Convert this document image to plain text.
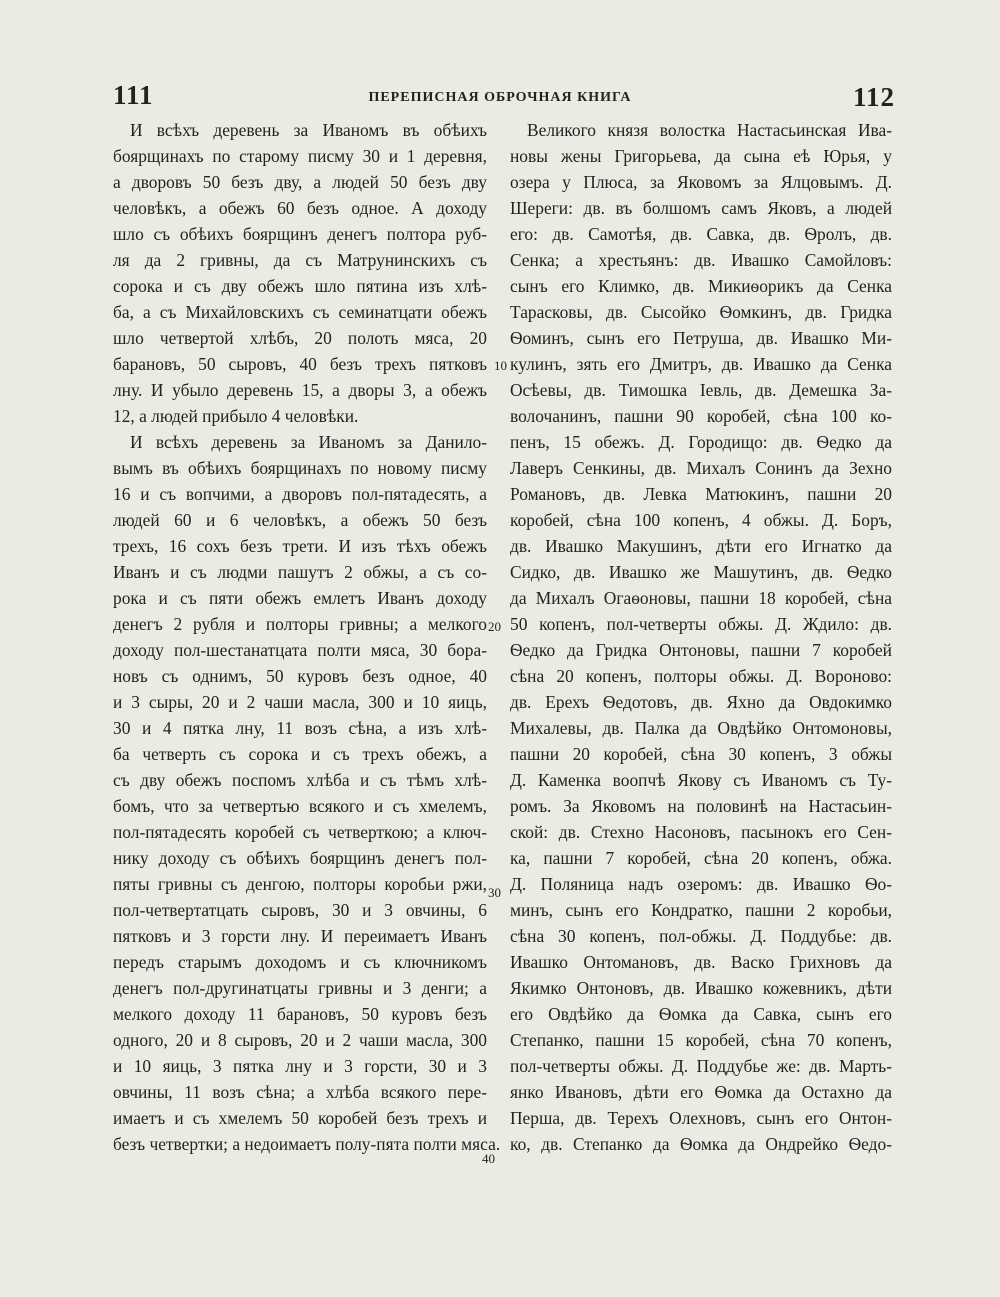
111	ПЕРЕПИСНАЯ ОБРОЧНАЯ КНИГА	112
И всѣхъ деревень за Иваномъ въ обѣихъ
боярщинахъ по старому писму 30 и 1 деревня,
а дворовъ 50 безъ дву, а людей 50 безъ дву
человѣкъ, а обежъ 60 безъ одное. А доходу
шло съ обѣихъ боярщинъ денегъ полтора руб-
ля да 2 гривны, да съ Матрунинскихъ съ
сорока и съ дву обежъ шло пятина изъ хлѣ-
ба, а съ Михайловскихъ съ семинатцати обежъ
шло четвертой хлѣбъ, 20 полоть мяса, 20
барановъ, 50 сыровъ, 40 безъ трехъ пятковъ
лну. И убыло деревень 15, а дворы 3, а обежъ
12, а людей прибыло 4 человѣки.
И всѣхъ деревень за Иваномъ за Данило-
вымъ въ обѣихъ боярщинахъ по новому писму
16 и съ вопчими, а дворовъ пол-пятадесять, а
людей 60 и 6 человѣкъ, а обежъ 50 безъ
трехъ, 16 сохъ безъ трети. И изъ тѣхъ обежъ
Иванъ и съ людми пашутъ 2 обжы, а съ со-
рока и съ пяти обежъ емлетъ Иванъ доходу
денегъ 2 рубля и полторы гривны; а мелкого
доходу пол-шестанатцата полти мяса, 30 бора-
новъ съ однимъ, 50 куровъ безъ одное, 40
и 3 сыры, 20 и 2 чаши масла, 300 и 10 яиць,
30 и 4 пятка лну, 11 возъ сѣна, а изъ хлѣ-
ба четверть съ сорока и съ трехъ обежъ, а
съ дву обежъ поспомъ хлѣба и съ тѣмъ хлѣ-
бомъ, что за четвертью всякого и съ хмелемъ,
пол-пятадесять коробей съ четверткою; а ключ-
нику доходу съ обѣихъ боярщинъ денегъ пол-
пяты гривны съ денгою, полторы коробьи ржи,
пол-четвертатцать сыровъ, 30 и 3 овчины, 6
пятковъ и 3 горсти лну. И переимаетъ Иванъ
передъ старымъ доходомъ и съ ключникомъ
денегъ пол-другинатцаты гривны и 3 денги; а
мелкого доходу 11 барановъ, 50 куровъ безъ
одного, 20 и 8 сыровъ, 20 и 2 чаши масла, 300
и 10 яиць, 3 пятка лну и 3 горсти, 30 и 3
овчины, 11 возъ сѣна; а хлѣба всякого пере-
имаетъ и съ хмелемъ 50 коробей безъ трехъ и
безъ четвертки; а недоимаетъ полу-пята полти мяса.
Великого князя волостка Настасьинская Ива-
новы жены Григорьева, да сына еѣ Юрья, у
озера у Плюса, за Яковомъ за Ялцовымъ. Д.
Шереги: дв. въ болшомъ самъ Яковъ, а людей
его: дв. Самотѣя, дв. Савка, дв. Ѳролъ, дв.
Сенка; а хрестьянъ: дв. Ивашко Самойловъ:
сынъ его Климко, дв. Микиѳорикъ да Сенка
Тарасковы, дв. Сысойко Ѳомкинъ, дв. Гридка
Ѳоминъ, сынъ его Петруша, дв. Ивашко Ми-
кулинъ, зять его Дмитръ, дв. Ивашко да Сенка
Осѣевы, дв. Тимошка Іевль, дв. Демешка За-
волочанинъ, пашни 90 коробей, сѣна 100 ко-
пенъ, 15 обежъ. Д. Городищо: дв. Ѳедко да
Лаверъ Сенкины, дв. Михалъ Сонинъ да Зехно
Романовъ, дв. Левка Матюкинъ, пашни 20
коробей, сѣна 100 копенъ, 4 обжы. Д. Боръ,
дв. Ивашко Макушинъ, дѣти его Игнатко да
Сидко, дв. Ивашко же Машутинъ, дв. Ѳедко
да Михалъ Огаѳоновы, пашни 18 коробей, сѣна
50 копенъ, пол-четверты обжы. Д. Ждило: дв.
Ѳедко да Гридка Онтоновы, пашни 7 коробей
сѣна 20 копенъ, полторы обжы. Д. Вороново:
дв. Ерехъ Ѳедотовъ, дв. Яхно да Овдокимко
Михалевы, дв. Палка да Овдѣйко Онтомоновы,
пашни 20 коробей, сѣна 30 копенъ, 3 обжы
Д. Каменка воопчѣ Якову съ Иваномъ съ Ту-
ромъ. За Яковомъ на половинѣ на Настасьин-
ской: дв. Стехно Насоновъ, пасынокъ его Сен-
ка, пашни 7 коробей, сѣна 20 копенъ, обжа.
Д. Поляница надъ озеромъ: дв. Ивашко Ѳо-
минъ, сынъ его Кондратко, пашни 2 коробьи,
сѣна 30 копенъ, пол-обжы. Д. Поддубье: дв.
Ивашко Онтомановъ, дв. Васко Грихновъ да
Якимко Онтоновъ, дв. Ивашко кожевникъ, дѣти
его Овдѣйко да Ѳомка да Савка, сынъ его
Степанко, пашни 15 коробей, сѣна 70 копенъ,
пол-четверты обжы. Д. Поддубье же: дв. Марть-
янко Ивановъ, дѣти его Ѳомка да Остахно да
Перша, дв. Терехъ Олехновъ, сынъ его Онтон-
ко, дв. Степанко да Ѳомка да Ондрейко Ѳедо-
10
20
30
40
